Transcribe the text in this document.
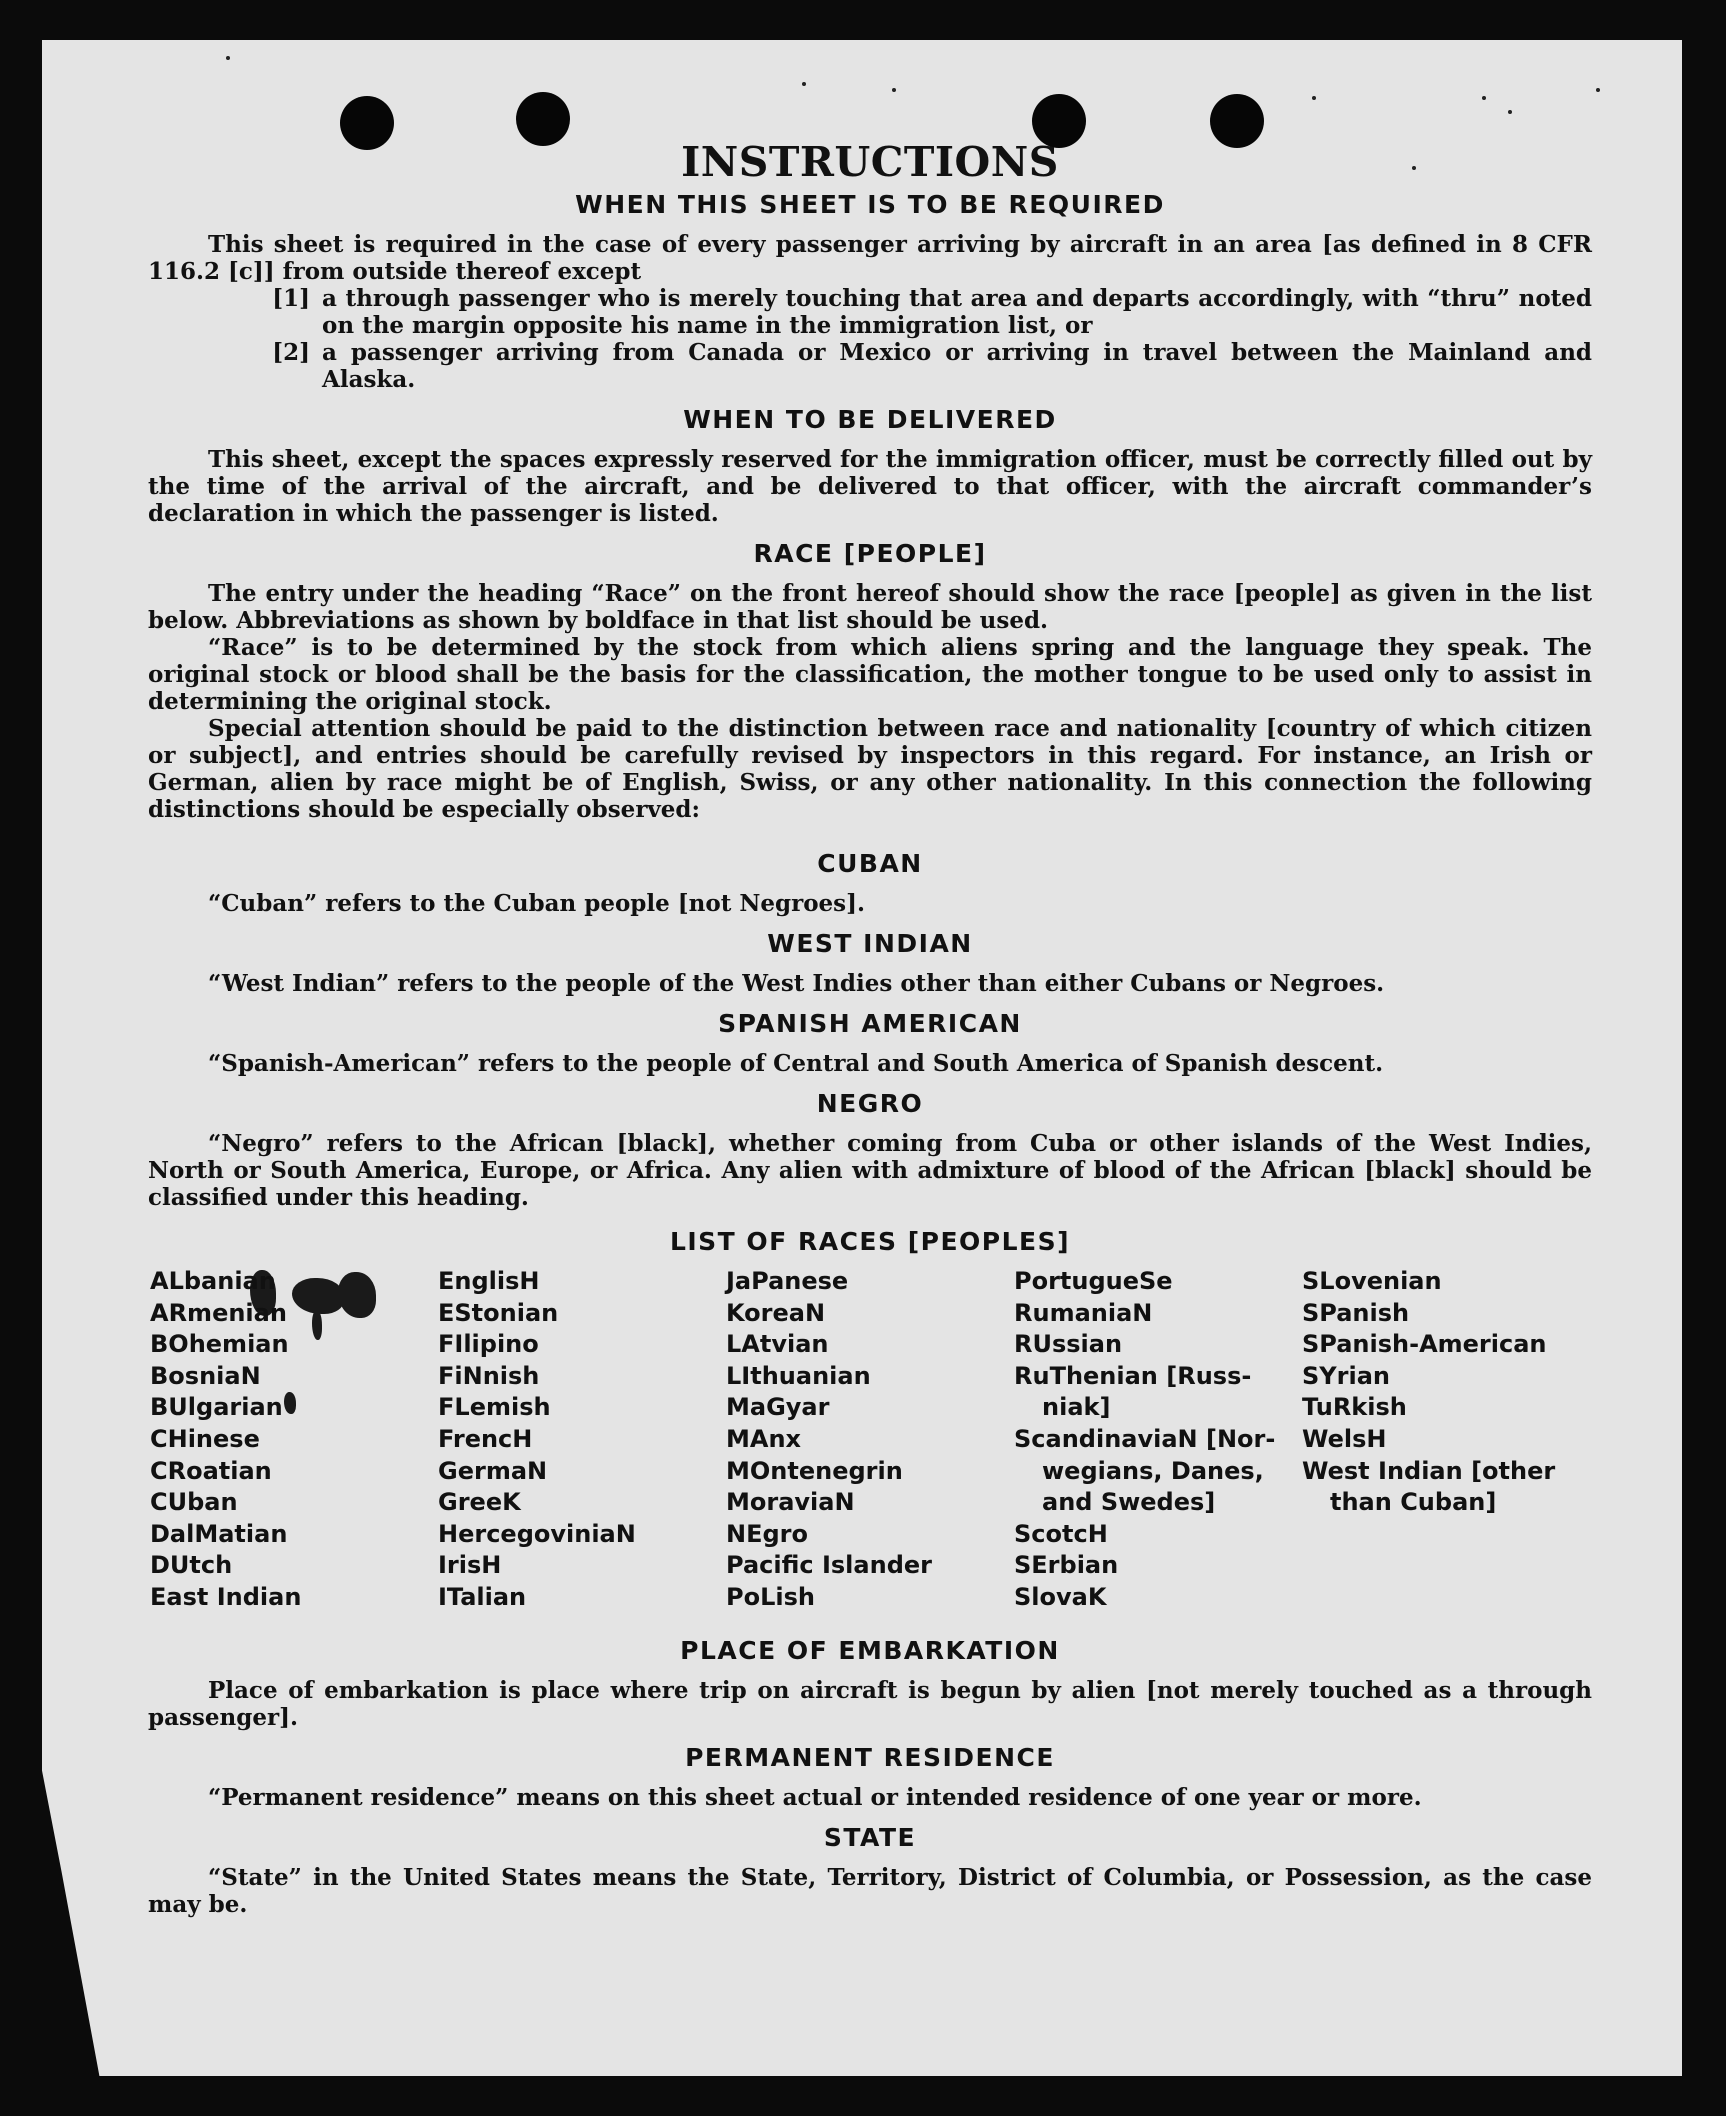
INSTRUCTIONS
WHEN THIS SHEET IS TO BE REQUIRED

This sheet is required in the case of every passenger arriving by aircraft in an area [as defined in 8 CFR 116.2 [c]] from outside thereof except

[1] a through passenger who is merely touching that area and departs accordingly, with “thru” noted on the margin opposite his name in the immigration list, or
[2] a passenger arriving from Canada or Mexico or arriving in travel between the Mainland and Alaska.
WHEN TO BE DELIVERED

This sheet, except the spaces expressly reserved for the immigration officer, must be correctly filled out by the time of the arrival of the aircraft, and be delivered to that officer, with the aircraft commander’s declaration in which the passenger is listed.

RACE [PEOPLE]

The entry under the heading “Race” on the front hereof should show the race [people] as given in the list below. Abbreviations as shown by boldface in that list should be used.

“Race” is to be determined by the stock from which aliens spring and the language they speak. The original stock or blood shall be the basis for the classification, the mother tongue to be used only to assist in determining the original stock.

Special attention should be paid to the distinction between race and nationality [country of which citizen or subject], and entries should be carefully revised by inspectors in this regard. For instance, an Irish or German, alien by race might be of English, Swiss, or any other nationality. In this connection the following distinctions should be especially observed:

CUBAN

“Cuban” refers to the Cuban people [not Negroes].

WEST INDIAN

“West Indian” refers to the people of the West Indies other than either Cubans or Negroes.

SPANISH AMERICAN

“Spanish-American” refers to the people of Central and South America of Spanish descent.

NEGRO

“Negro” refers to the African [black], whether coming from Cuba or other islands of the West Indies, North or South America, Europe, or Africa. Any alien with admixture of blood of the African [black] should be classified under this heading.

LIST OF RACES [PEOPLES]
ALbanian
ARmenian
BOhemian
BosniaN
BUlgarian
CHinese
CRoatian
CUban
DalMatian
DUtch
East Indian
EnglisH
EStonian
FIlipino
FiNnish
FLemish
FrencH
GermaN
GreeK
HercegoviniaN
IrisH
ITalian
JaPanese
KoreaN
LAtvian
LIthuanian
MaGyar
MAnx
MOntenegrin
MoraviaN
NEgro
Pacific Islander
PoLish
PortugueSe
RumaniaN
RUssian
RuThenian [Russ-
niak]
ScandinaviaN [Nor-
wegians, Danes,
and Swedes]
ScotcH
SErbian
SlovaK
SLovenian
SPanish
SPanish-American
SYrian
TuRkish
WelsH
West Indian [other
than Cuban]
PLACE OF EMBARKATION

Place of embarkation is place where trip on aircraft is begun by alien [not merely touched as a through passenger].

PERMANENT RESIDENCE

“Permanent residence” means on this sheet actual or intended residence of one year or more.

STATE

“State” in the United States means the State, Territory, District of Columbia, or Possession, as the case may be.
